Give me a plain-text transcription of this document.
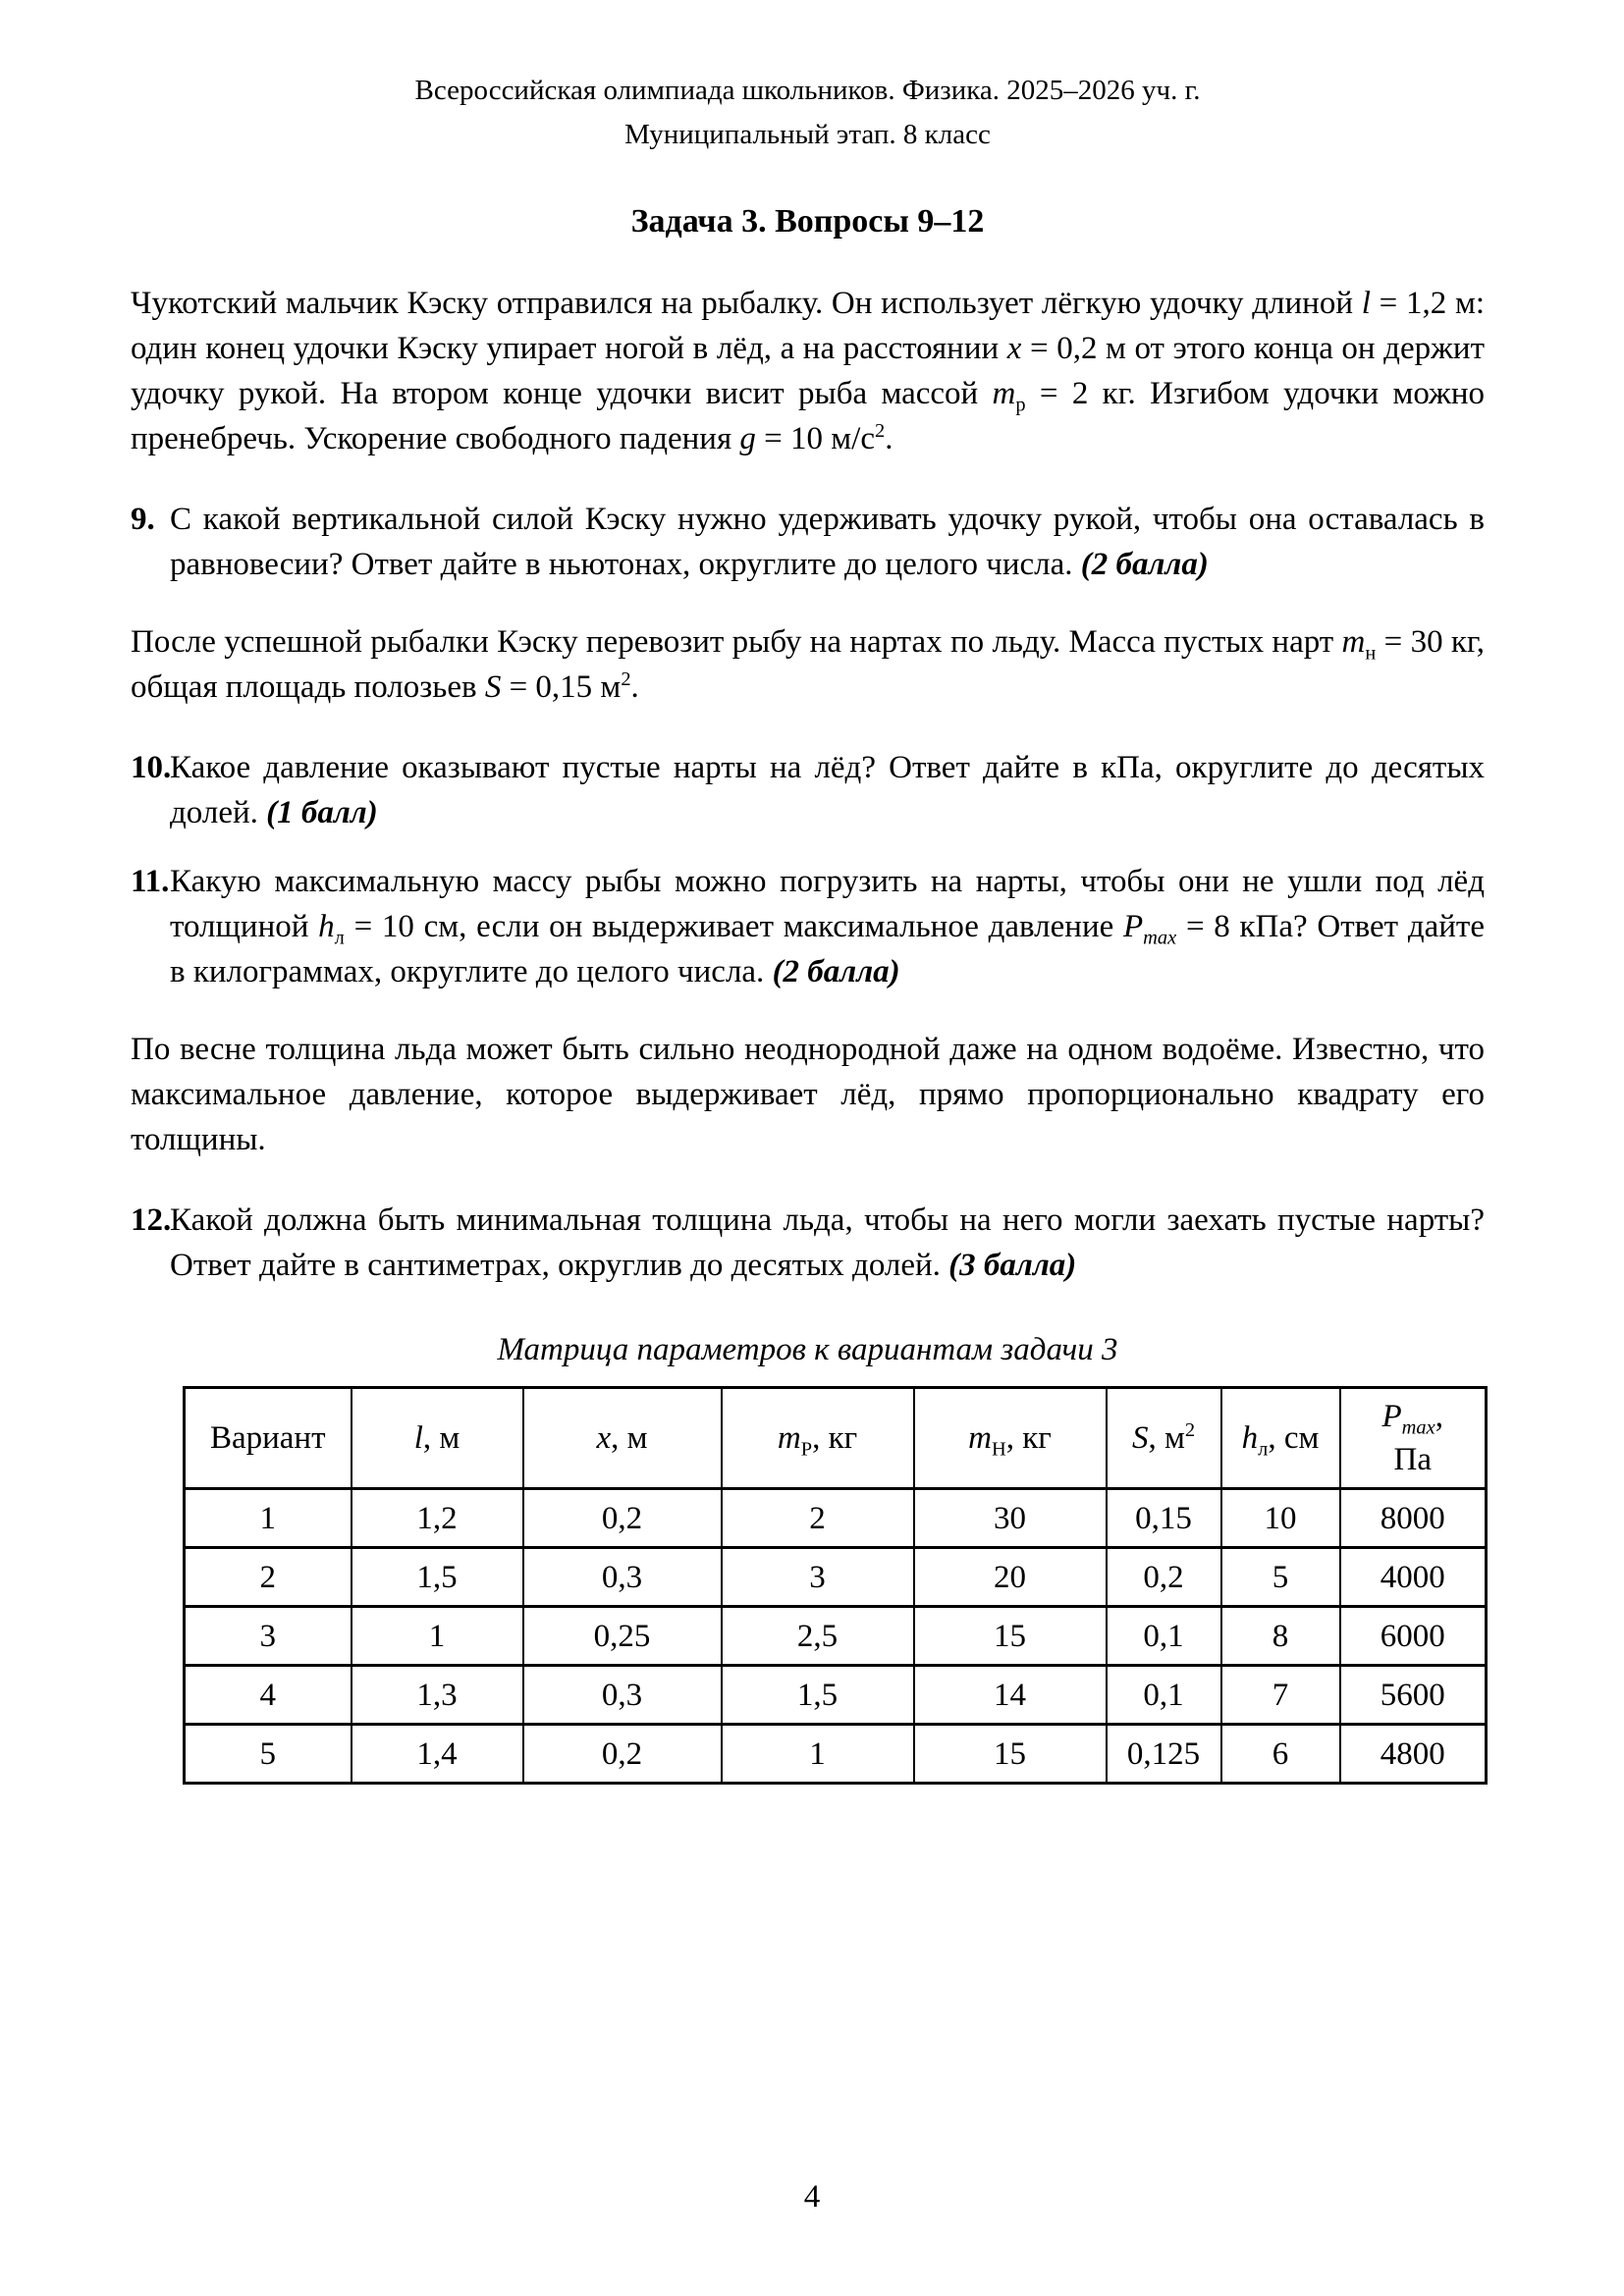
Всероссийская олимпиада школьников. Физика. 2025–2026 уч. г.
Муниципальный этап. 8 класс
Задача 3. Вопросы 9–12
Чукотский мальчик Кэску отправился на рыбалку. Он использует лёгкую удочку длиной l = 1,2 м: один конец удочки Кэску упирает ногой в лёд, а на расстоянии x = 0,2 м от этого конца он держит удочку рукой. На втором конце удочки висит рыба массой $m_р = 2$ кг. Изгибом удочки можно пренебречь. Ускорение свободного падения g = 10 $м/с^2$.
9. С какой вертикальной силой Кэску нужно удерживать удочку рукой, чтобы она оставалась в равновесии? Ответ дайте в ньютонах, округлите до целого числа. (2 балла)
После успешной рыбалки Кэску перевозит рыбу на нартах по льду. Масса пустых нарт $m_н = 30$ кг, общая площадь полозьев S = 0,15 $м^2$.
10.Какое давление оказывают пустые нарты на лёд? Ответ дайте в кПа, округлите до десятых долей. (1 балл)
11.Какую максимальную массу рыбы можно погрузить на нарты, чтобы они не ушли под лёд толщиной $h_л = 10$ см, если он выдерживает максимальное давление $P_{max} = 8$ кПа? Ответ дайте в килограммах, округлите до целого числа. (2 балла)
По весне толщина льда может быть сильно неоднородной даже на одном водоёме. Известно, что максимальное давление, которое выдерживает лёд, прямо пропорционально квадрату его толщины.
12.Какой должна быть минимальная толщина льда, чтобы на него могли заехать пустые нарты? Ответ дайте в сантиметрах, округлив до десятых долей. (3 балла)
Матрица параметров к вариантам задачи 3
Вариант	l, м	x, м	$m_Р$, кг	$m_Н$, кг	S, $м^2$	$h_л$, см	$P_{max}$,
Па
1	1,2	0,2	2	30	0,15	10	8000
2	1,5	0,3	3	20	0,2	5	4000
3	1	0,25	2,5	15	0,1	8	6000
4	1,3	0,3	1,5	14	0,1	7	5600
5	1,4	0,2	1	15	0,125	6	4800
4
